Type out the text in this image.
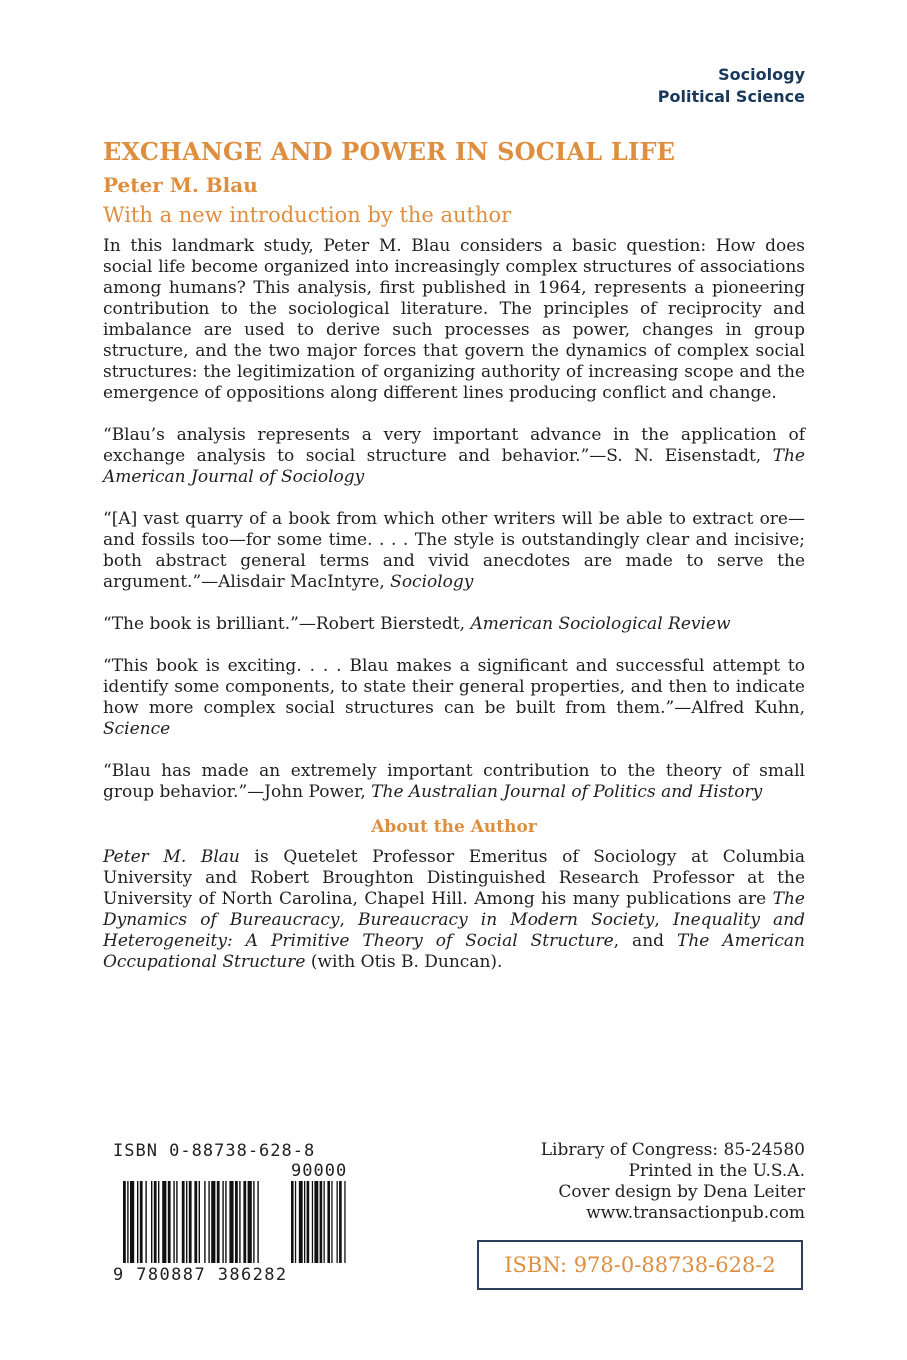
Sociology
Political Science
EXCHANGE AND POWER IN SOCIAL LIFE
Peter M. Blau
With a new introduction by the author

In this landmark study, Peter M. Blau considers a basic question: How does social life become organized into increasingly complex structures of associations among humans? This analysis, first published in 1964, represents a pioneering contribution to the sociological literature. The principles of reciprocity and imbalance are used to derive such processes as power, changes in group structure, and the two major forces that govern the dynamics of complex social structures: the legitimization of organizing authority of increasing scope and the emergence of oppositions along different lines producing conflict and change.

“Blau’s analysis represents a very important advance in the application of exchange analysis to social structure and behavior.”—S. N. Eisenstadt, The American Journal of Sociology

“[A] vast quarry of a book from which other writers will be able to extract ore—and fossils too—for some time. . . . The style is outstandingly clear and incisive; both abstract general terms and vivid anecdotes are made to serve the argument.”—Alisdair MacIntyre, Sociology

“The book is brilliant.”—Robert Bierstedt, American Sociological Review

“This book is exciting. . . . Blau makes a significant and successful attempt to identify some components, to state their general properties, and then to indicate how more complex social structures can be built from them.”—Alfred Kuhn, Science

“Blau has made an extremely important contribution to the theory of small group behavior.”—John Power, The Australian Journal of Politics and History

About the Author

Peter M. Blau is Quetelet Professor Emeritus of Sociology at Columbia University and Robert Broughton Distinguished Research Professor at the University of North Carolina, Chapel Hill. Among his many publications are The Dynamics of Bureaucracy, Bureaucracy in Modern Society, Inequality and Heterogeneity: A Primitive Theory of Social Structure, and The American Occupational Structure (with Otis B. Duncan).

ISBN 0-88738-628-8
90000
9 780887 386282
Library of Congress: 85-24580
Printed in the U.S.A.
Cover design by Dena Leiter
www.transactionpub.com
ISBN: 978-0-88738-628-2
